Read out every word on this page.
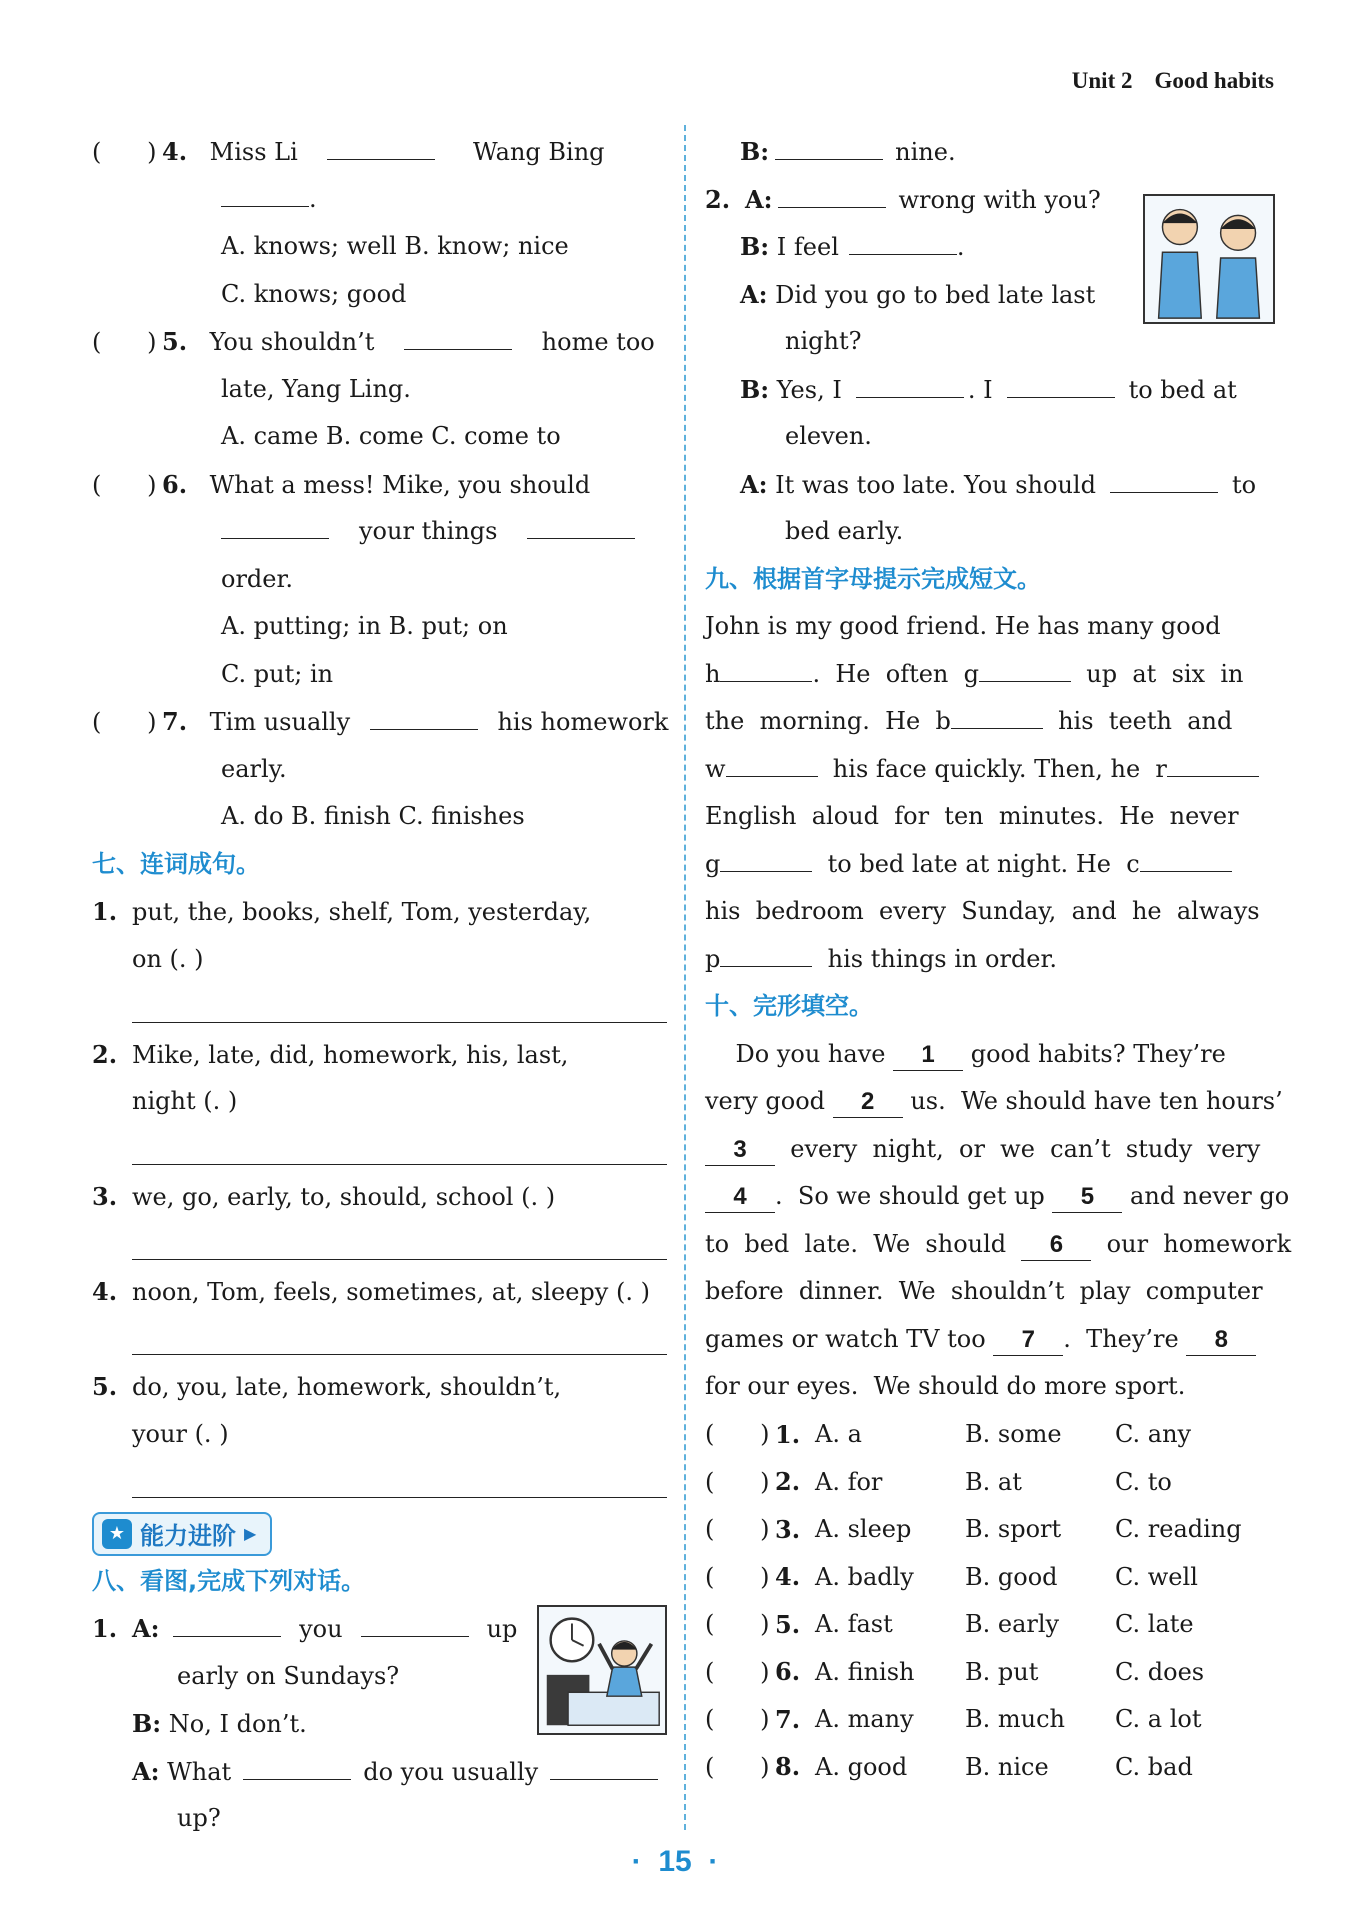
Unit 2 Good habits
(      ) 4. Miss Li	Wang Bing
.
A. knows; well B. know; nice
C. knows; good
(      ) 5. You shouldn’t	home too
late, Yang Ling.
A. came B. come C. come to
(      ) 6. What a mess! Mike, you should
your things
order.
A. putting; in B. put; on
C. put; in
(      ) 7. Tim usually	his homework
early.
A. do B. finish C. finishes
七、连词成句。
1. put, the, books, shelf, Tom, yesterday,
on (. )
2. Mike, late, did, homework, his, last,
night (. )
3. we, go, early, to, should, school (. )
4. noon, Tom, feels, sometimes, at, sleepy (. )
5. do, you, late, homework, shouldn’t,
your (. )
★ 能力进阶 ▶
八、看图,完成下列对话。
1. A:	you	up
early on Sundays?
B: No, I don’t.
A: What	do you usually
up?
B:	nine.
2. A:	wrong with you?
B: I feel	.
A: Did you go to bed late last
night?
B: Yes, I	. I	to bed at
eleven.
A: It was too late. You should	to
bed early.
九、根据首字母提示完成短文。
John is my good friend. He has many good
h	.  He  often  g	up  at  six  in
the  morning.  He  b	his  teeth  and
w	his face quickly. Then, he  r
English  aloud  for  ten  minutes.  He  never
g	to bed late at night. He  c
his  bedroom  every  Sunday,  and  he  always
p	his things in order.
十、完形填空。
Do you have 1 good habits? They’re
very good 2 us.  We should have ten hours’
3  every  night,  or  we  can’t  study  very
4 .  So we should get up 5 and never go
to  bed  late.  We  should  6  our  homework
before  dinner.  We  shouldn’t  play  computer
games or watch TV too 7 .  They’re 8
for our eyes.  We should do more sport.
(      )	1.	A. a	B. some	C. any
(      )	2.	A. for	B. at	C. to
(      )	3.	A. sleep	B. sport	C. reading
(      )	4.	A. badly	B. good	C. well
(      )	5.	A. fast	B. early	C. late
(      )	6.	A. finish	B. put	C. does
(      )	7.	A. many	B. much	C. a lot
(      )	8.	A. good	B. nice	C. bad
·  15  ·
